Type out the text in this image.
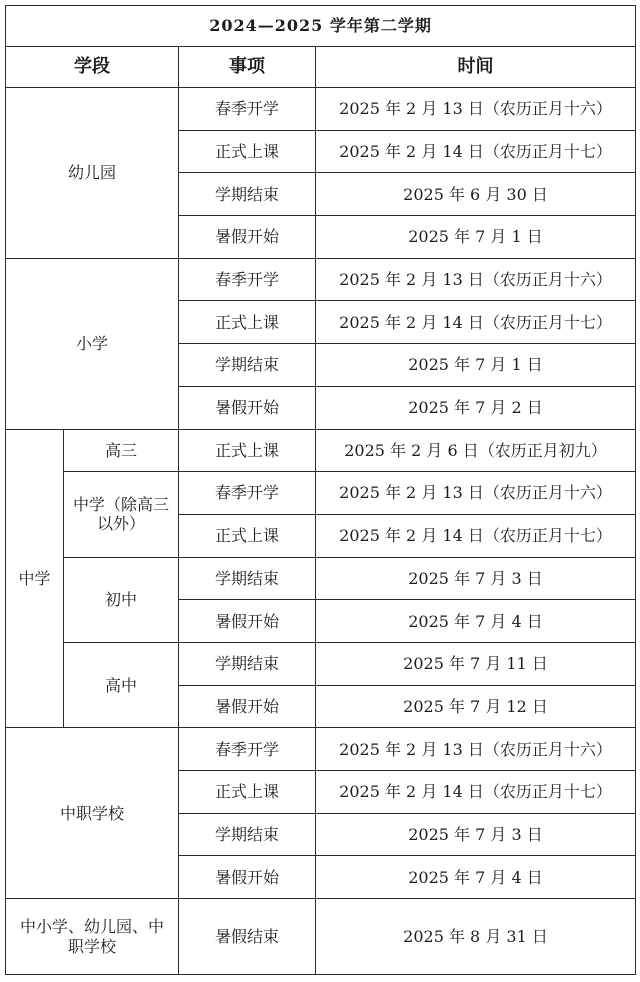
2024—2025 学年第二学期			
学段		事项	时间
幼儿园		春季开学	2025 年 2 月 13 日（农历正月十六）
		正式上课	2025 年 2 月 14 日（农历正月十七）
		学期结束	2025 年 6 月 30 日
		暑假开始	2025 年 7 月 1 日
小学		春季开学	2025 年 2 月 13 日（农历正月十六）
		正式上课	2025 年 2 月 14 日（农历正月十七）
		学期结束	2025 年 7 月 1 日
		暑假开始	2025 年 7 月 2 日
中学	高三	正式上课	2025 年 2 月 6 日（农历正月初九）
	中学（除高三以外）	春季开学	2025 年 2 月 13 日（农历正月十六）
		正式上课	2025 年 2 月 14 日（农历正月十七）
	初中	学期结束	2025 年 7 月 3 日
		暑假开始	2025 年 7 月 4 日
	高中	学期结束	2025 年 7 月 11 日
		暑假开始	2025 年 7 月 12 日
中职学校		春季开学	2025 年 2 月 13 日（农历正月十六）
		正式上课	2025 年 2 月 14 日（农历正月十七）
		学期结束	2025 年 7 月 3 日
		暑假开始	2025 年 7 月 4 日
中小学、幼儿园、中职学校		暑假结束	2025 年 8 月 31 日
